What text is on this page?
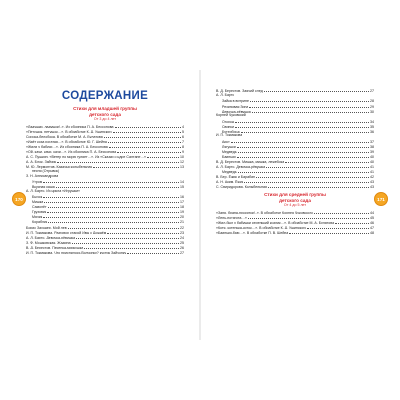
СОДЕРЖАНИЕ
Стихи для младшей группы
детского сада
От 3 до 4 лет
«Ладушки, ладушки!..». Из сборника П. А. Бессонова	4
«Петушок, петушок…». В обработке К. Д. Ушинского	5
Сорока-белобока. В обработке М. А. Булатова	6
«Идёт коза рогатая…». В обработке Ю. Г. Шейна	7
«Жили у бабуси…». Из сборника П. А. Бессонова	8
«Ой, качи, качи, качи…». Из сборника П. А. Бессонова	9
А. С. Пушкин. «Ветер по морю гуляет…». Из «Сказки о царе Салтане…»	10
А. А. Блок. Зайчик	12
М. Ю. Лермонтов. Казачья колыбельная	13
песня (Отрывок)
З. Н. Александрова
Утром	14
Вкусная каша	15
А. Л. Барто. Из цикла «Игрушки»
Бычок	16
Мишка	17
Самолёт	18
Грузовик	19
Мячик	20
Кораблик	21
Борис Заходер. Мой лев	22
И. П. Токмакова. Разговор старой Ивы с Дождём	23
А. Л. Барто. Девочка-рёвушка	24
З. Ф. Мошковская. Жадина	25
В. Д. Берестов. Песенка-миркушка	26
И. П. Токмакова. Что приснилось Волчонку? кустик Зайчонку	27
В. Д. Берестов. Заячий след	27
А. Л. Барто
Зайка в витрине	28
Резиновая Зина	29
Девочка-рёвушка	30
Корней Чуковский
Огород	34
Свинки	35
Бутерброд	36
И. П. Токмакова
Аист	37
Лягушки	38
Медведь	39
Баиньки	40
В. Д. Берестов. Мишка, мишка, лежебока	40
А. Л. Барто. Девочка-рёвушка	41
Медведь	41
В. Бер. Ёжик и Барабан	42
А. Н. Аким. Ёжик	43
С. Свиридорова. Колыбельная	43
Стихи для средней группы
детского сада
От 4 до 5 лет
«Заня, брана-просятки!..». В обработке Корнея Чуковского	44
«Лень-потягота…»	45
«Жил-был у бабушки серенький козлик…». В обработке М. А. Булатова	46
«Котя, котенька-коток…». В обработке К. Д. Ушинского	47
«Баиньки-баю…». В обработке П. В. Шейна	48
170	171
